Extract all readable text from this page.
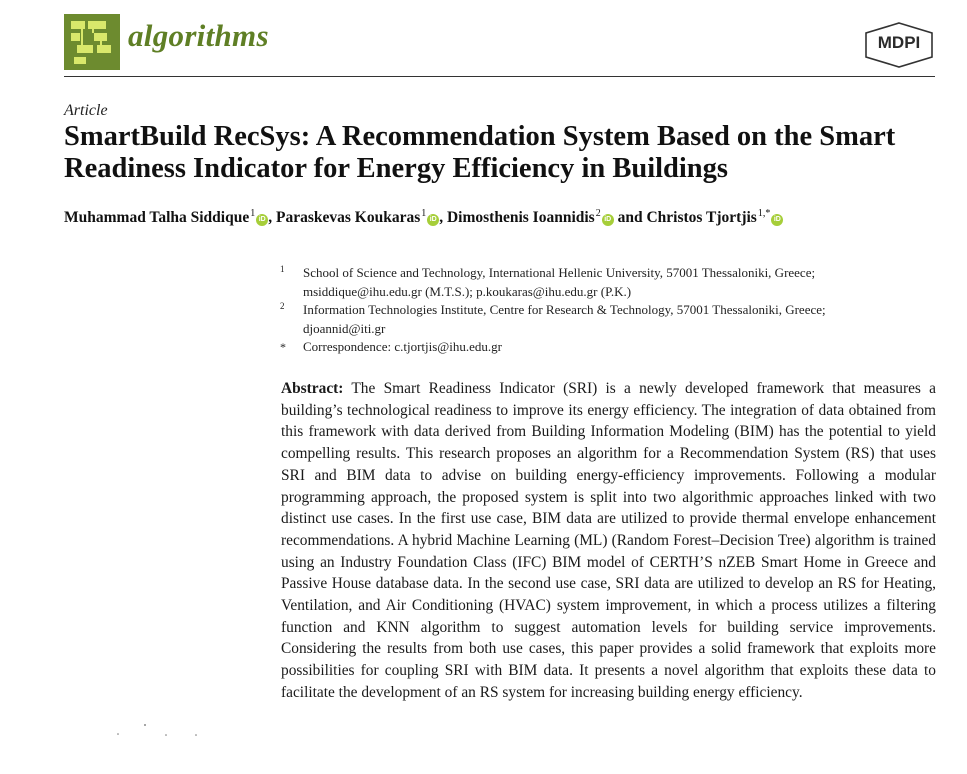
algorithms	MDPI
Article
SmartBuild RecSys: A Recommendation System Based on the Smart Readiness Indicator for Energy Efficiency in Buildings
Muhammad Talha Siddique$^1$iD , Paraskevas Koukaras$^1$iD , Dimosthenis Ioannidis$^2$iD and Christos Tjortjis$^{1,*}$iD
1 School of Science and Technology, International Hellenic University, 57001 Thessaloniki, Greece;
msiddique@ihu.edu.gr (M.T.S.); p.koukaras@ihu.edu.gr (P.K.)
2 Information Technologies Institute, Centre for Research & Technology, 57001 Thessaloniki, Greece;
djoannid@iti.gr
* Correspondence: c.tjortjis@ihu.edu.gr
Abstract: The Smart Readiness Indicator (SRI) is a newly developed framework that measures a building’s technological readiness to improve its energy efficiency. The integration of data obtained from this framework with data derived from Building Information Modeling (BIM) has the potential to yield compelling results. This research proposes an algorithm for a Recommendation System (RS) that uses SRI and BIM data to advise on building energy-efficiency improvements. Following a modular programming approach, the proposed system is split into two algorithmic approaches linked with two distinct use cases. In the first use case, BIM data are utilized to provide thermal envelope enhancement recommendations. A hybrid Machine Learning (ML) (Random Forest–Decision Tree) algorithm is trained using an Industry Foundation Class (IFC) BIM model of CERTH’S nZEB Smart Home in Greece and Passive House database data. In the second use case, SRI data are utilized to develop an RS for Heating, Ventilation, and Air Conditioning (HVAC) system improvement, in which a process utilizes a filtering function and KNN algorithm to suggest automation levels for building service improvements. Considering the results from both use cases, this paper provides a solid framework that exploits more possibilities for coupling SRI with BIM data. It presents a novel algorithm that exploits these data to facilitate the development of an RS system for increasing building energy efficiency.
